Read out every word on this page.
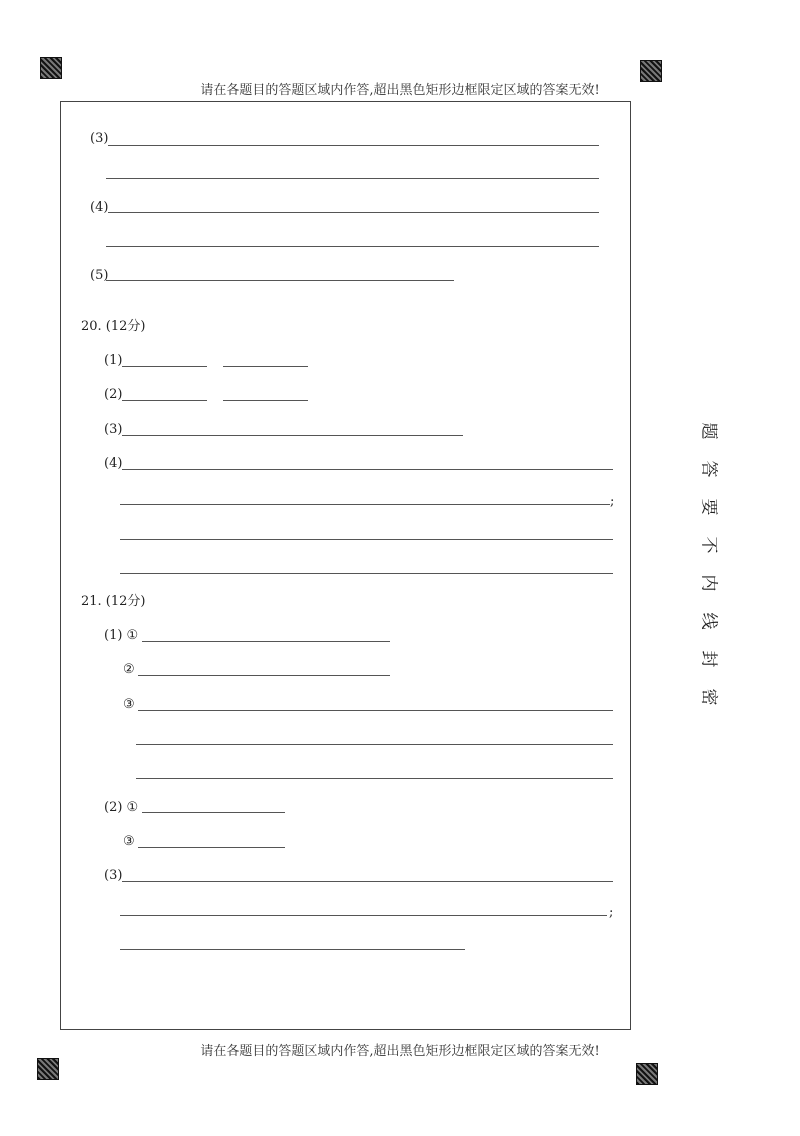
请在各题目的答题区域内作答,超出黑色矩形边框限定区域的答案无效!
请在各题目的答题区域内作答,超出黑色矩形边框限定区域的答案无效!
(3)
(4)
(5)
20. (12分)
(1)
(2)
(3)
(4)
;
21. (12分)
(1) ①
②
③
(2) ①
③
(3)
;
题
答
要
不
内
线
封
密
